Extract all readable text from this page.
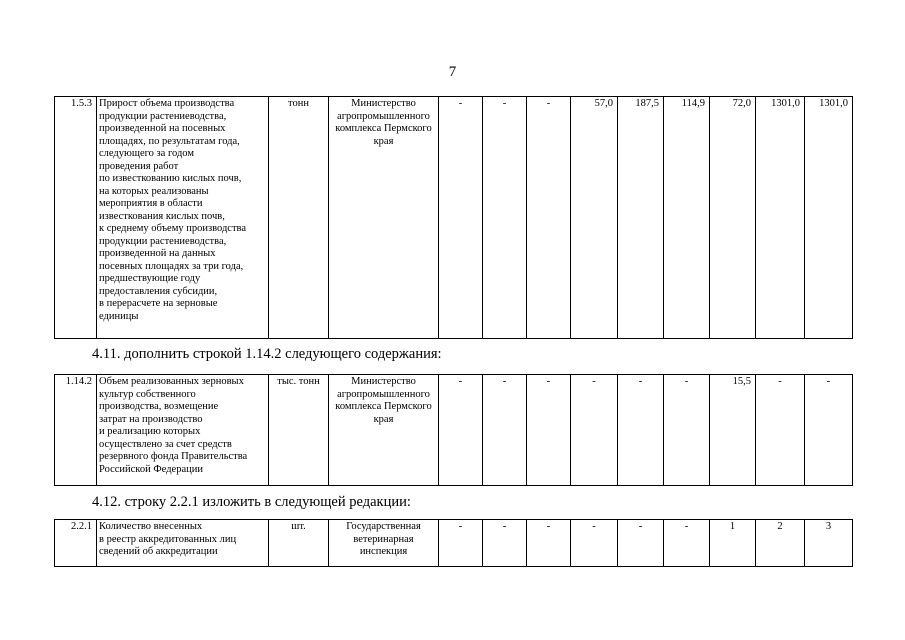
7
1.5.3	Прирост объема производства
продукции растениеводства,
произведенной на посевных
площадях, по результатам года,
следующего за годом
проведения работ
по известкованию кислых почв,
на которых реализованы
мероприятия в области
известкования кислых почв,
к среднему объему производства
продукции растениеводства,
произведенной на данных
посевных площадях за три года,
предшествующие году
предоставления субсидии,
в перерасчете на зерновые
единицы	тонн	Министерство агропромышленного комплекса Пермского края	-	-	-	57,0	187,5	114,9	72,0	1301,0	1301,0
4.11. дополнить строкой 1.14.2 следующего содержания:
1.14.2	Объем реализованных зерновых
культур собственного
производства, возмещение
затрат на производство
и реализацию которых
осуществлено за счет средств
резервного фонда Правительства
Российской Федерации	тыс. тонн	Министерство агропромышленного комплекса Пермского края	-	-	-	-	-	-	15,5	-	-
4.12. строку 2.2.1 изложить в следующей редакции:
2.2.1	Количество внесенных
в реестр аккредитованных лиц
сведений об аккредитации	шт.	Государственная ветеринарная инспекция	-	-	-	-	-	-	1	2	3
